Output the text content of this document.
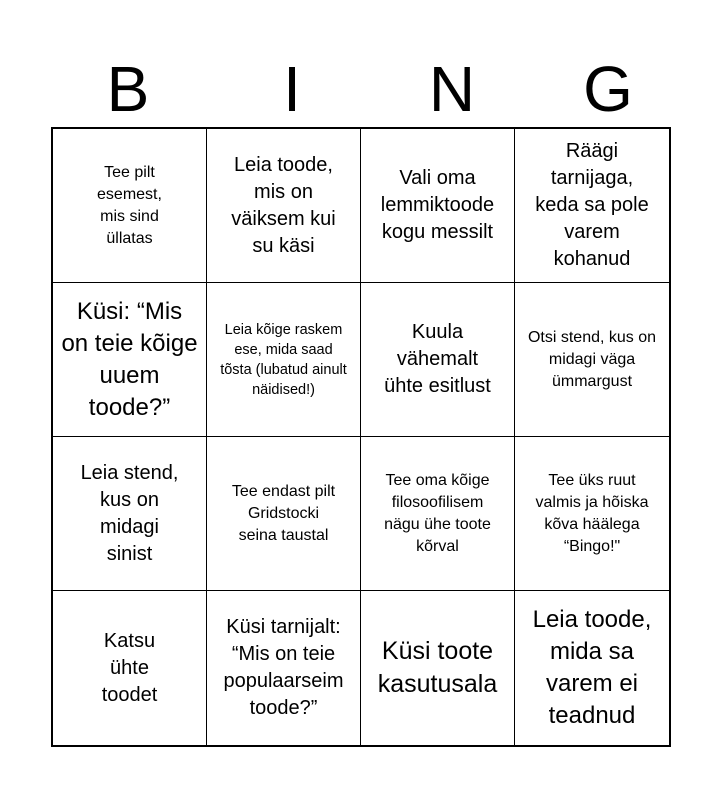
B	I	N	G
Tee pilt esemest, mis sind üllatas
Leia toode, mis on väiksem kui su käsi
Vali oma lemmiktoode kogu messilt
Räägi tarnijaga, keda sa pole varem kohanud
Küsi: “Mis on teie kõige uuem toode?”
Leia kõige raskem ese, mida saad tõsta (lubatud ainult näidised!)
Kuula vähemalt ühte esitlust
Otsi stend, kus on midagi väga ümmargust
Leia stend, kus on midagi sinist
Tee endast pilt Gridstocki seina taustal
Tee oma kõige filosoofilisem nägu ühe toote kõrval
Tee üks ruut valmis ja hõiska kõva häälega “Bingo!"
Katsu ühte toodet
Küsi tarnijalt: “Mis on teie populaarseim toode?”
Küsi toote kasutusala
Leia toode, mida sa varem ei teadnud
